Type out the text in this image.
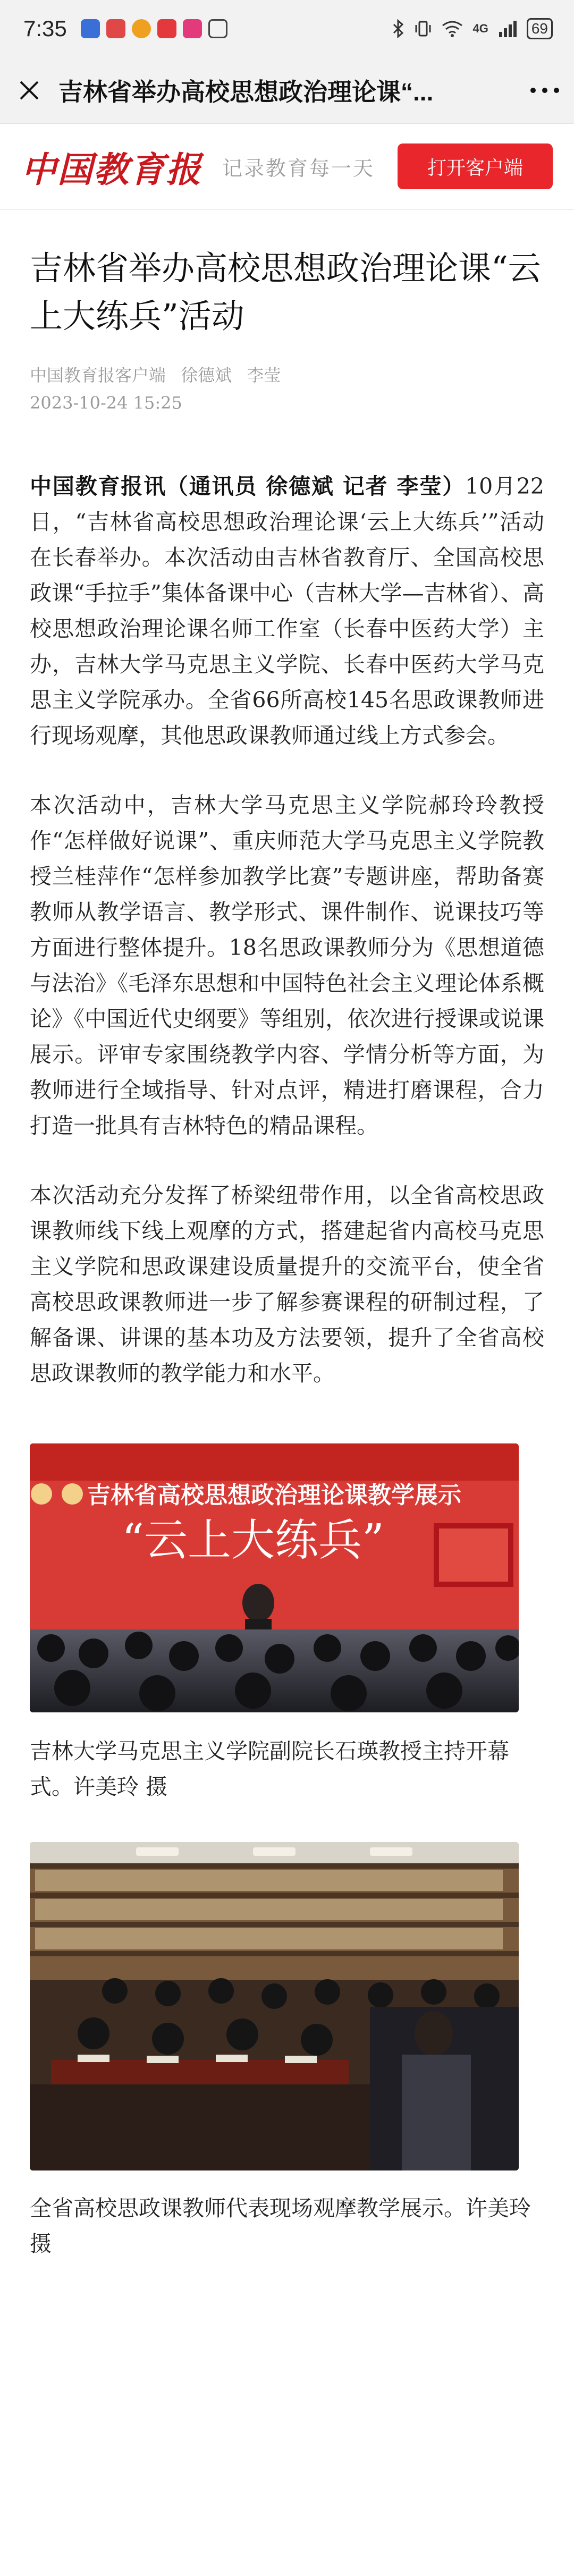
7:35	4G	69
吉林省举办高校思想政治理论课“...
中国教育报 记录教育每一天	打开客户端
吉林省举办高校思想政治理论课“云上大练兵”活动
中国教育报客户端 徐德斌 李莹
2023-10-24 15:25

中国教育报讯（通讯员 徐德斌 记者 李莹）10月22日，“吉林省高校思想政治理论课‘云上大练兵’”活动在长春举办。本次活动由吉林省教育厅、全国高校思政课“手拉手”集体备课中心（吉林大学—吉林省）、高校思想政治理论课名师工作室（长春中医药大学）主办，吉林大学马克思主义学院、长春中医药大学马克思主义学院承办。全省66所高校145名思政课教师进行现场观摩，其他思政课教师通过线上方式参会。

本次活动中，吉林大学马克思主义学院郝玲玲教授作“怎样做好说课”、重庆师范大学马克思主义学院教授兰桂萍作“怎样参加教学比赛”专题讲座，帮助备赛教师从教学语言、教学形式、课件制作、说课技巧等方面进行整体提升。18名思政课教师分为《思想道德与法治》《毛泽东思想和中国特色社会主义理论体系概论》《中国近代史纲要》等组别，依次进行授课或说课展示。评审专家围绕教学内容、学情分析等方面，为教师进行全域指导、针对点评，精进打磨课程，合力打造一批具有吉林特色的精品课程。

本次活动充分发挥了桥梁纽带作用，以全省高校思政课教师线下线上观摩的方式，搭建起省内高校马克思主义学院和思政课建设质量提升的交流平台，使全省高校思政课教师进一步了解参赛课程的研制过程，了解备课、讲课的基本功及方法要领，提升了全省高校思政课教师的教学能力和水平。

吉林省高校思想政治理论课教学展示
“云上大练兵”

吉林大学马克思主义学院副院长石瑛教授主持开幕式。许美玲 摄

全省高校思政课教师代表现场观摩教学展示。许美玲 摄
